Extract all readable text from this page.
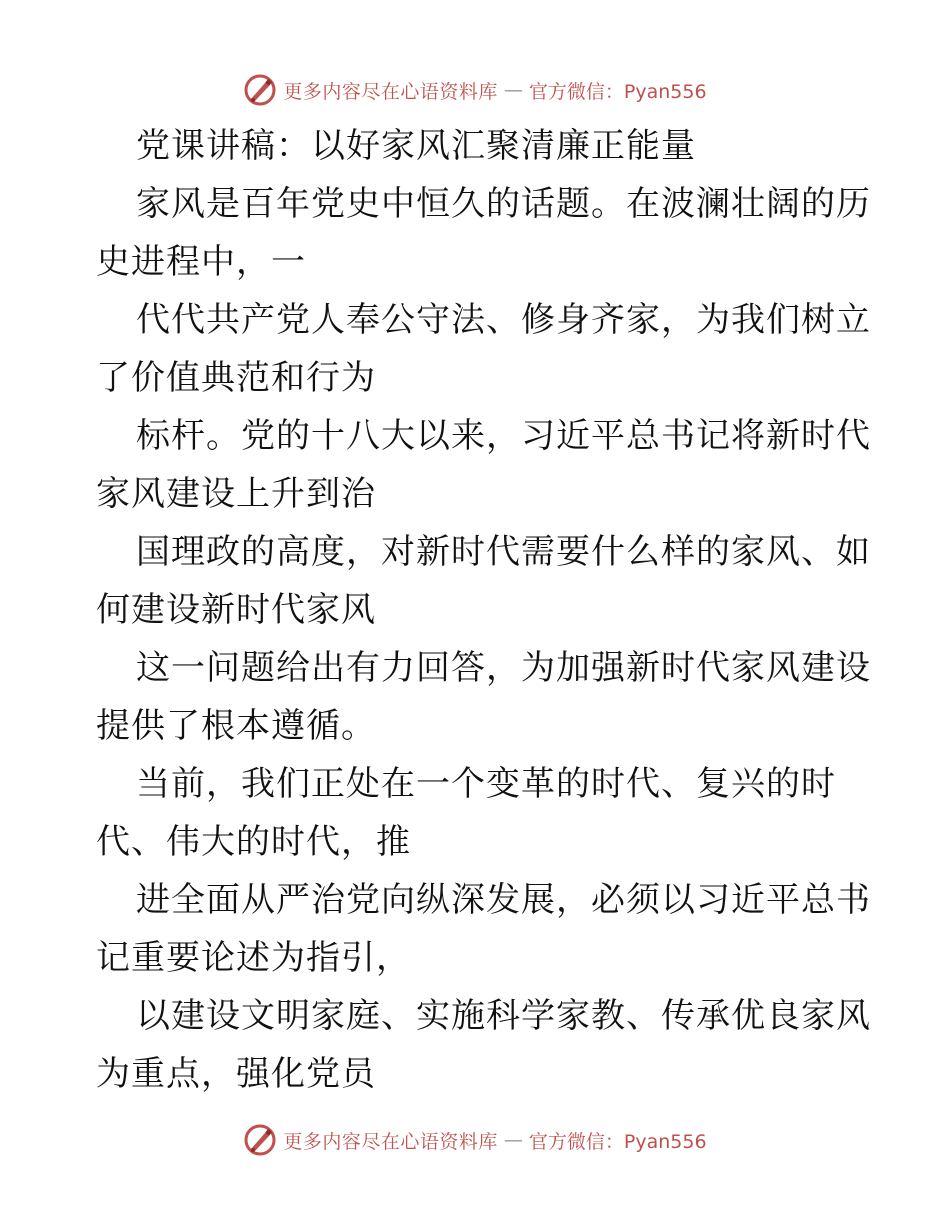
更多内容尽在心语资料库 — 官方微信：Pyan556
党课讲稿：以好家风汇聚清廉正能量
家风是百年党史中恒久的话题。在波澜壮阔的历
史进程中，一
代代共产党人奉公守法、修身齐家，为我们树立
了价值典范和行为
标杆。党的十八大以来，习近平总书记将新时代
家风建设上升到治
国理政的高度，对新时代需要什么样的家风、如
何建设新时代家风
这一问题给出有力回答，为加强新时代家风建设
提供了根本遵循。
当前，我们正处在一个变革的时代、复兴的时
代、伟大的时代，推
进全面从严治党向纵深发展，必须以习近平总书
记重要论述为指引，
以建设文明家庭、实施科学家教、传承优良家风
为重点，强化党员
更多内容尽在心语资料库 — 官方微信：Pyan556
